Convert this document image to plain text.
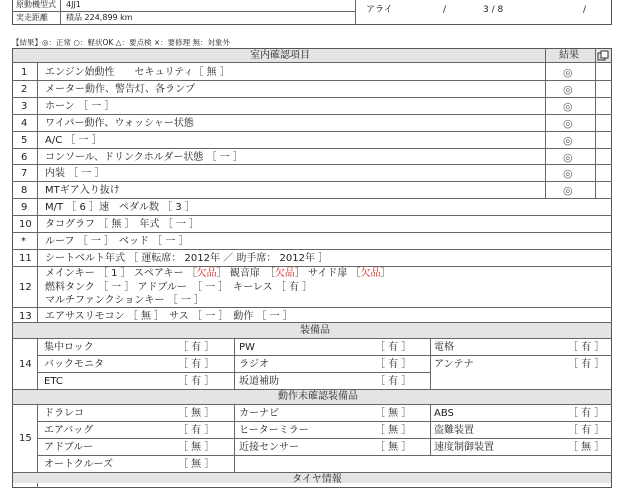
原動機型式 4JJ1
実走距離 積品 224,899 km
アライ	/	3 / 8	/
【結果】◎：正常 ○：軽状OK △：要点検 ×：要修理 無：対象外
室内確認項目	結果
1 エンジン始動性　　セキュリティ［ 無 ］	◎
2 メーター動作、警告灯、各ランプ	◎
3 ホーン ［ 一 ］	◎
4 ワイパー動作、ウォッシャー状態	◎
5 A/C ［ 一 ］	◎
6 コンソール、ドリンクホルダー状態 ［ 一 ］	◎
7 内装 ［ 一 ］	◎
8 MTギア入り抜け	◎
9 M/T ［ 6 ］速　ペダル数 ［ 3 ］
10 タコグラフ ［ 無 ］　年式 ［ 一 ］
* ルーフ ［ 一 ］　ベッド ［ 一 ］
11 シートベルト年式 ［ 運転席： 2012年 ／ 助手席： 2012年 ］
12
メインキー ［ 1 ］ スペアキー ［欠品］ 観音扉　［欠品］ サイド扉 ［欠品］
燃料タンク ［ 一 ］ アドブルー　［ 一 ］　キーレス ［ 有 ］
マルチファンクションキー ［ 一 ］
13 エアサスリモコン ［ 無 ］　サス ［ 一 ］　動作 ［ 一 ］
装備品
14
集中ロック	［ 有 ］ PW	［ 有 ］ 電格	［ 有 ］
バックモニタ	［ 有 ］ ラジオ	［ 有 ］ アンテナ	［ 有 ］
ETC	［ 有 ］ 坂道補助	［ 有 ］
動作未確認装備品
15
ドラレコ	［ 無 ］ カーナビ	［ 無 ］ ABS	［ 有 ］
エアバッグ	［ 有 ］ ヒーターミラー	［ 無 ］ 盗難装置	［ 有 ］
アドブルー	［ 無 ］ 近接センサー	［ 無 ］ 速度制御装置	［ 無 ］
オートクルーズ	［ 無 ］
タイヤ情報
